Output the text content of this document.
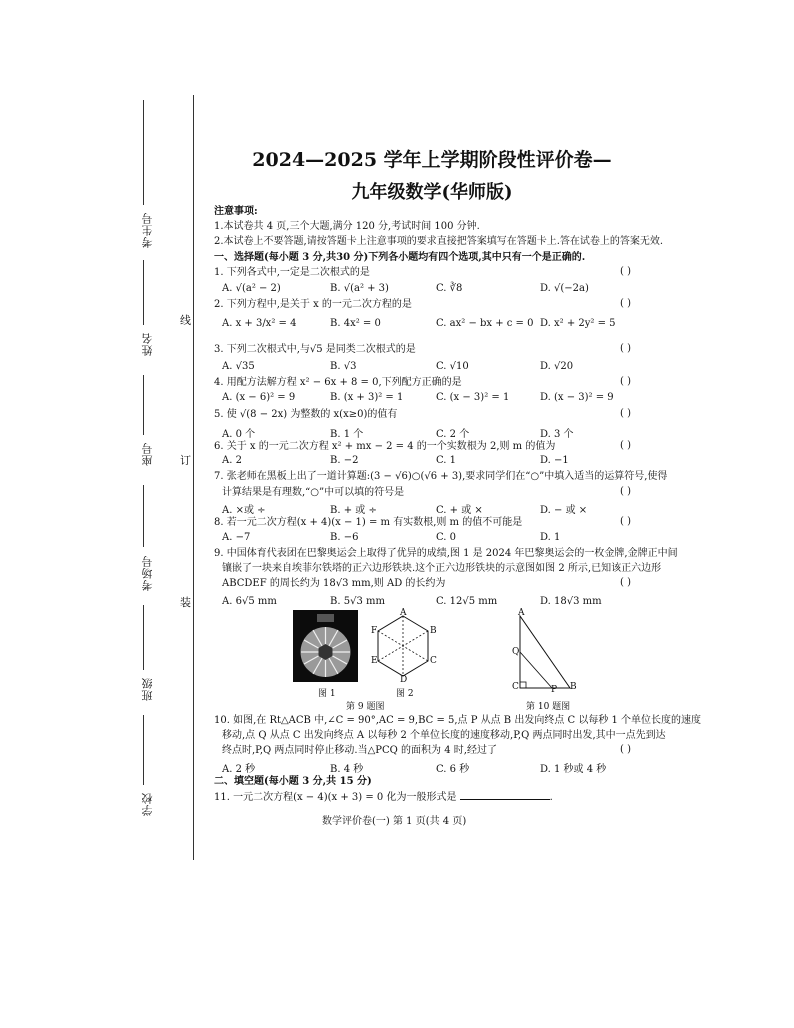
考生号
姓名
座号
考场号
班级
学校
线
订
装
2024—2025 学年上学期阶段性评价卷—
九年级数学(华师版)
注意事项:
1.本试卷共 4 页,三个大题,满分 120 分,考试时间 100 分钟.
2.本试卷上不要答题,请按答题卡上注意事项的要求直接把答案填写在答题卡上.答在试卷上的答案无效.
一、选择题(每小题 3 分,共30 分)下列各小题均有四个选项,其中只有一个是正确的.
1. 下列各式中,一定是二次根式的是	( )
A. √(a² − 2)	B. √(a² + 3)	C. ∛8	D. √(−2a)
2. 下列方程中,是关于 x 的一元二次方程的是	( )
A. x + 3/x² = 4	B. 4x² = 0	C. ax² − bx + c = 0 D. x² + 2y² = 5
3. 下列二次根式中,与√5 是同类二次根式的是	( )
A. √35	B. √3	C. √10	D. √20
4. 用配方法解方程 x² − 6x + 8 = 0,下列配方正确的是	( )
A. (x − 6)² = 9	B. (x + 3)² = 1	C. (x − 3)² = 1	D. (x − 3)² = 9
5. 使 √(8 − 2x) 为整数的 x(x≥0)的值有	( )
A. 0 个	B. 1 个	C. 2 个	D. 3 个
6. 关于 x 的一元二次方程 x² + mx − 2 = 4 的一个实数根为 2,则 m 的值为	( )
A. 2	B. −2	C. 1	D. −1
7. 张老师在黑板上出了一道计算题:(3 − √6)○(√6 + 3),要求同学们在“○”中填入适当的运算符号,使得
计算结果是有理数,“○”中可以填的符号是	( )
A. ×或 ÷	B. + 或 ÷	C. + 或 ×	D. − 或 ×
8. 若一元二次方程(x + 4)(x − 1) = m 有实数根,则 m 的值不可能是	( )
A. −7	B. −6	C. 0	D. 1
9. 中国体育代表团在巴黎奥运会上取得了优异的成绩,图 1 是 2024 年巴黎奥运会的一枚金牌,金牌正中间
镶嵌了一块来自埃菲尔铁塔的正六边形铁块.这个正六边形铁块的示意图如图 2 所示,已知该正六边形
ABCDEF 的周长约为 18√3 mm,则 AD 的长约为	( )
A. 6√5 mm	B. 5√3 mm	C. 12√5 mm	D. 18√3 mm
图 1
A
B
C
D
E
F
图 2
第 9 题图
A
Q
C	P B
第 10 题图
10. 如图,在 Rt△ACB 中,∠C = 90°,AC = 9,BC = 5,点 P 从点 B 出发向终点 C 以每秒 1 个单位长度的速度
移动,点 Q 从点 C 出发向终点 A 以每秒 2 个单位长度的速度移动,P,Q 两点同时出发,其中一点先到达
终点时,P,Q 两点同时停止移动.当△PCQ 的面积为 4 时,经过了	( )
A. 2 秒	B. 4 秒	C. 6 秒	D. 1 秒或 4 秒
二、填空题(每小题 3 分,共 15 分)
11. 一元二次方程(x − 4)(x + 3) = 0 化为一般形式是	.
数学评价卷(一) 第 1 页(共 4 页)
